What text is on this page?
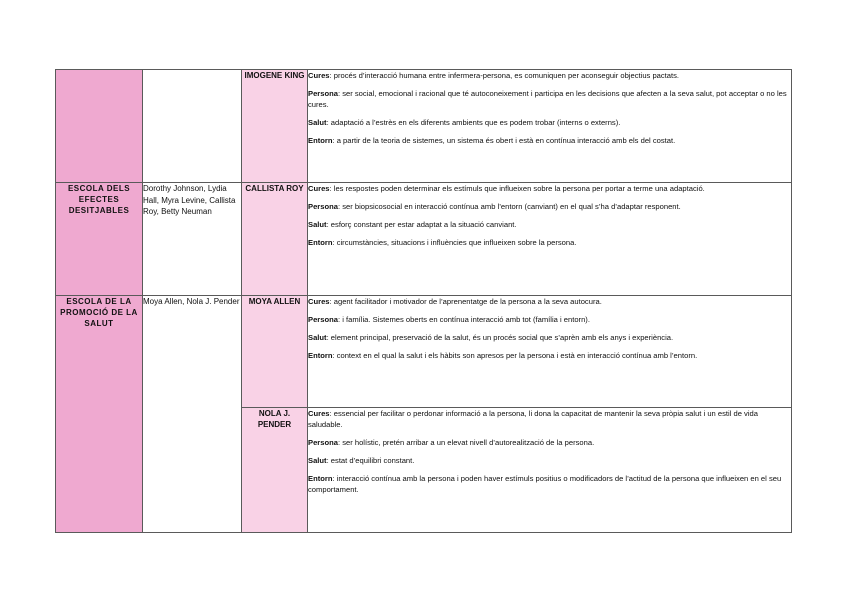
		IMOGENE KING	Cures: procés d’interacció humana entre infermera-persona, es comuniquen per aconseguir objectius pactats.

Persona: ser social, emocional i racional que té autoconeixement i participa en les decisions que afecten a la seva salut, pot acceptar o no les cures.

Salut: adaptació a l’estrès en els diferents ambients que es podem trobar (interns o externs).

Entorn: a partir de la teoria de sistemes, un sistema és obert i està en contínua interacció amb els del costat.

ESCOLA DELS EFECTES DESITJABLES	Dorothy Johnson, Lydia Hall, Myra Levine, Callista Roy, Betty Neuman	CALLISTA ROY	Cures: les respostes poden determinar els estímuls que influeixen sobre la persona per portar a terme una adaptació.

Persona: ser biopsicosocial en interacció contínua amb l’entorn (canviant) en el qual s’ha d’adaptar responent.

Salut: esforç constant per estar adaptat a la situació canviant.

Entorn: circumstàncies, situacions i influències que influeixen sobre la persona.

ESCOLA DE LA PROMOCIÓ DE LA SALUT	Moya Allen, Nola J. Pender	MOYA ALLEN	Cures: agent facilitador i motivador de l’aprenentatge de la persona a la seva autocura.

Persona: i família. Sistemes oberts en contínua interacció amb tot (família i entorn).

Salut: element principal, preservació de la salut, és un procés social que s’aprèn amb els anys i experiència.

Entorn: context en el qual la salut i els hàbits son apresos per la persona i està en interacció contínua amb l’entorn.

		NOLA J. PENDER	Cures: essencial per facilitar o perdonar informació a la persona, li dona la capacitat de mantenir la seva pròpia salut i un estil de vida saludable.

Persona: ser holístic, pretén arribar a un elevat nivell d’autorealització de la persona.

Salut: estat d’equilibri constant.

Entorn: interacció contínua amb la persona i poden haver estímuls positius o modificadors de l’actitud de la persona que influeixen en el seu comportament.
